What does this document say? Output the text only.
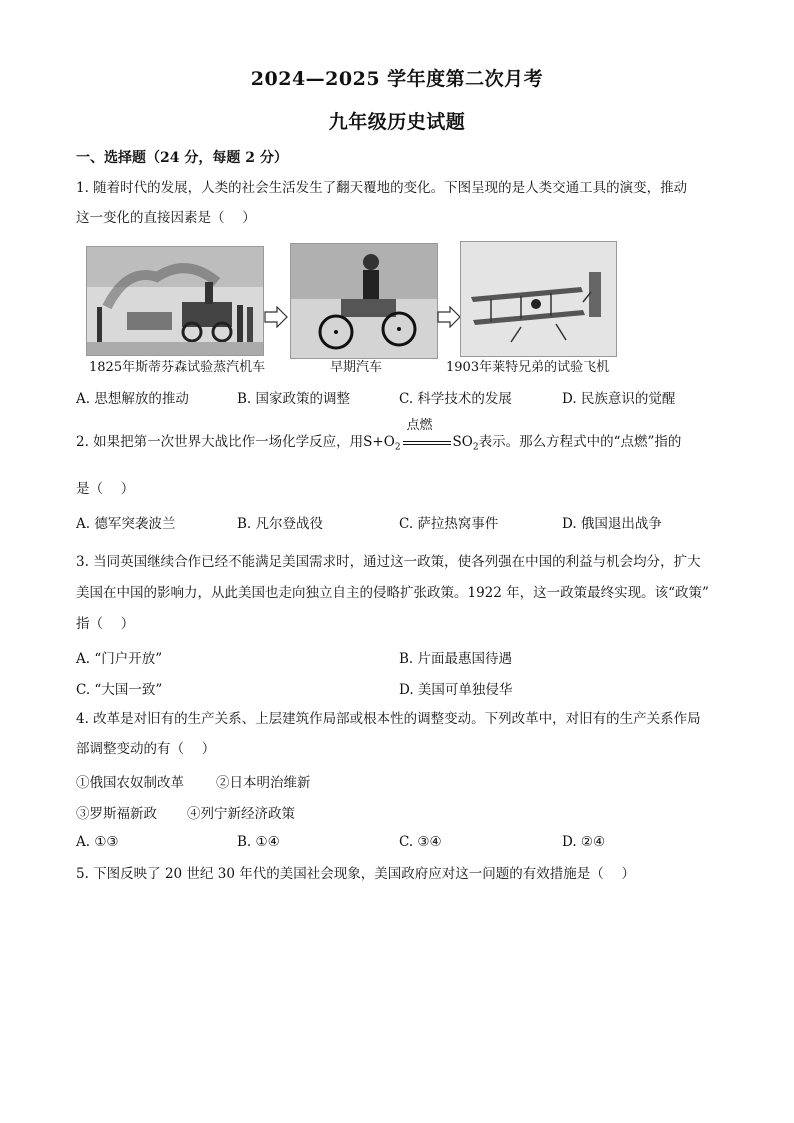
2024—2025 学年度第二次月考
九年级历史试题
一、选择题（24 分，每题 2 分）
1. 随着时代的发展，人类的社会生活发生了翻天覆地的变化。下图呈现的是人类交通工具的演变，推动
这一变化的直接因素是（　 ）
1825年斯蒂芬森试验蒸汽机车	早期汽车	1903年莱特兄弟的试验飞机
A. 思想解放的推动	B. 国家政策的调整	C. 科学技术的发展	D. 民族意识的觉醒
2. 如果把第一次世界大战比作一场化学反应，用$S+O_2$
点燃
$SO_2$表示。那么方程式中的“点燃”指的
是（　 ）
A. 德军突袭波兰	B. 凡尔登战役	C. 萨拉热窝事件	D. 俄国退出战争
3. 当同英国继续合作已经不能满足美国需求时，通过这一政策，使各列强在中国的利益与机会均分，扩大
美国在中国的影响力，从此美国也走向独立自主的侵略扩张政策。1922 年，这一政策最终实现。该“政策”
指（　 ）
A. “门户开放”	B. 片面最惠国待遇
C. “大国一致”	D. 美国可单独侵华
4. 改革是对旧有的生产关系、上层建筑作局部或根本性的调整变动。下列改革中，对旧有的生产关系作局
部调整变动的有（　 ）
①俄国农奴制改革 ②日本明治维新
③罗斯福新政 ④列宁新经济政策
A. ①③	B. ①④	C. ③④	D. ②④
5. 下图反映了 20 世纪 30 年代的美国社会现象，美国政府应对这一问题的有效措施是（　 ）
